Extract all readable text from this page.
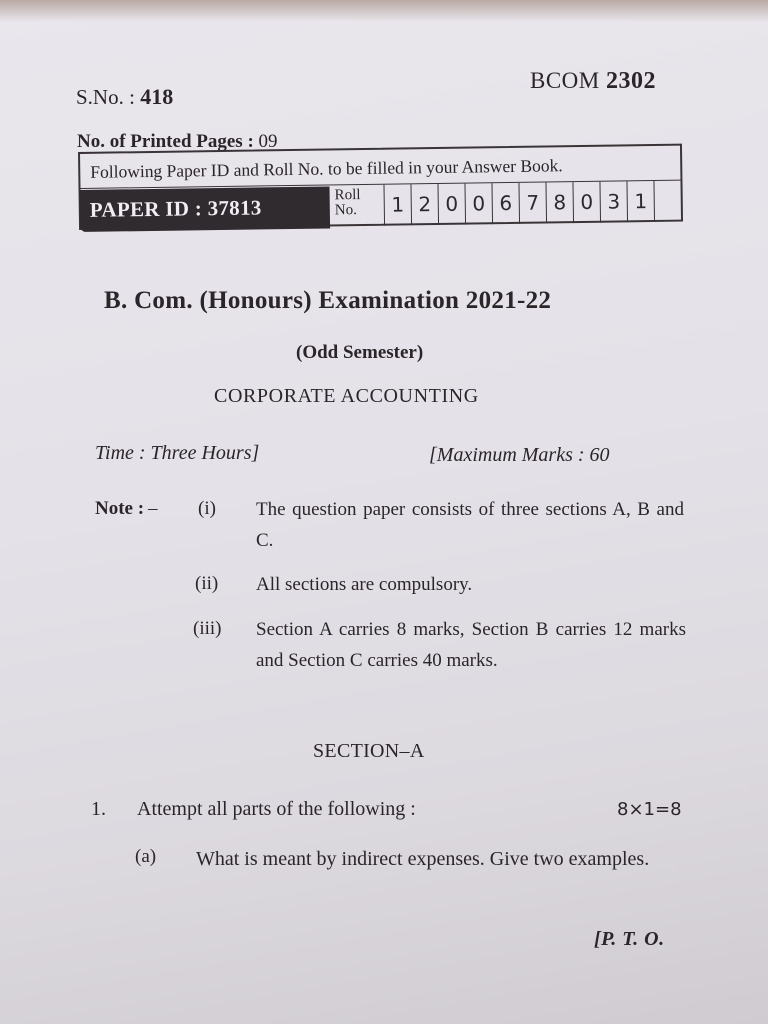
S.No. : 418
BCOM 2302
No. of Printed Pages : 09
Following Paper ID and Roll No. to be filled in your Answer Book.
PAPER ID : 37813
Roll
No.	1 2 0 0 6 7 8 0 3 1
B. Com. (Honours) Examination 2021-22
(Odd Semester)
CORPORATE ACCOUNTING
Time : Three Hours]	[Maximum Marks : 60
Note : – (i) The question paper consists of three sections A, B and C.
(ii) All sections are compulsory.
(iii) Section A carries 8 marks, Section B carries 12 marks and Section C carries 40 marks.
SECTION–A
1. Attempt all parts of the following :	8×1=8
(a) What is meant by indirect expenses. Give two examples.
[P. T. O.
